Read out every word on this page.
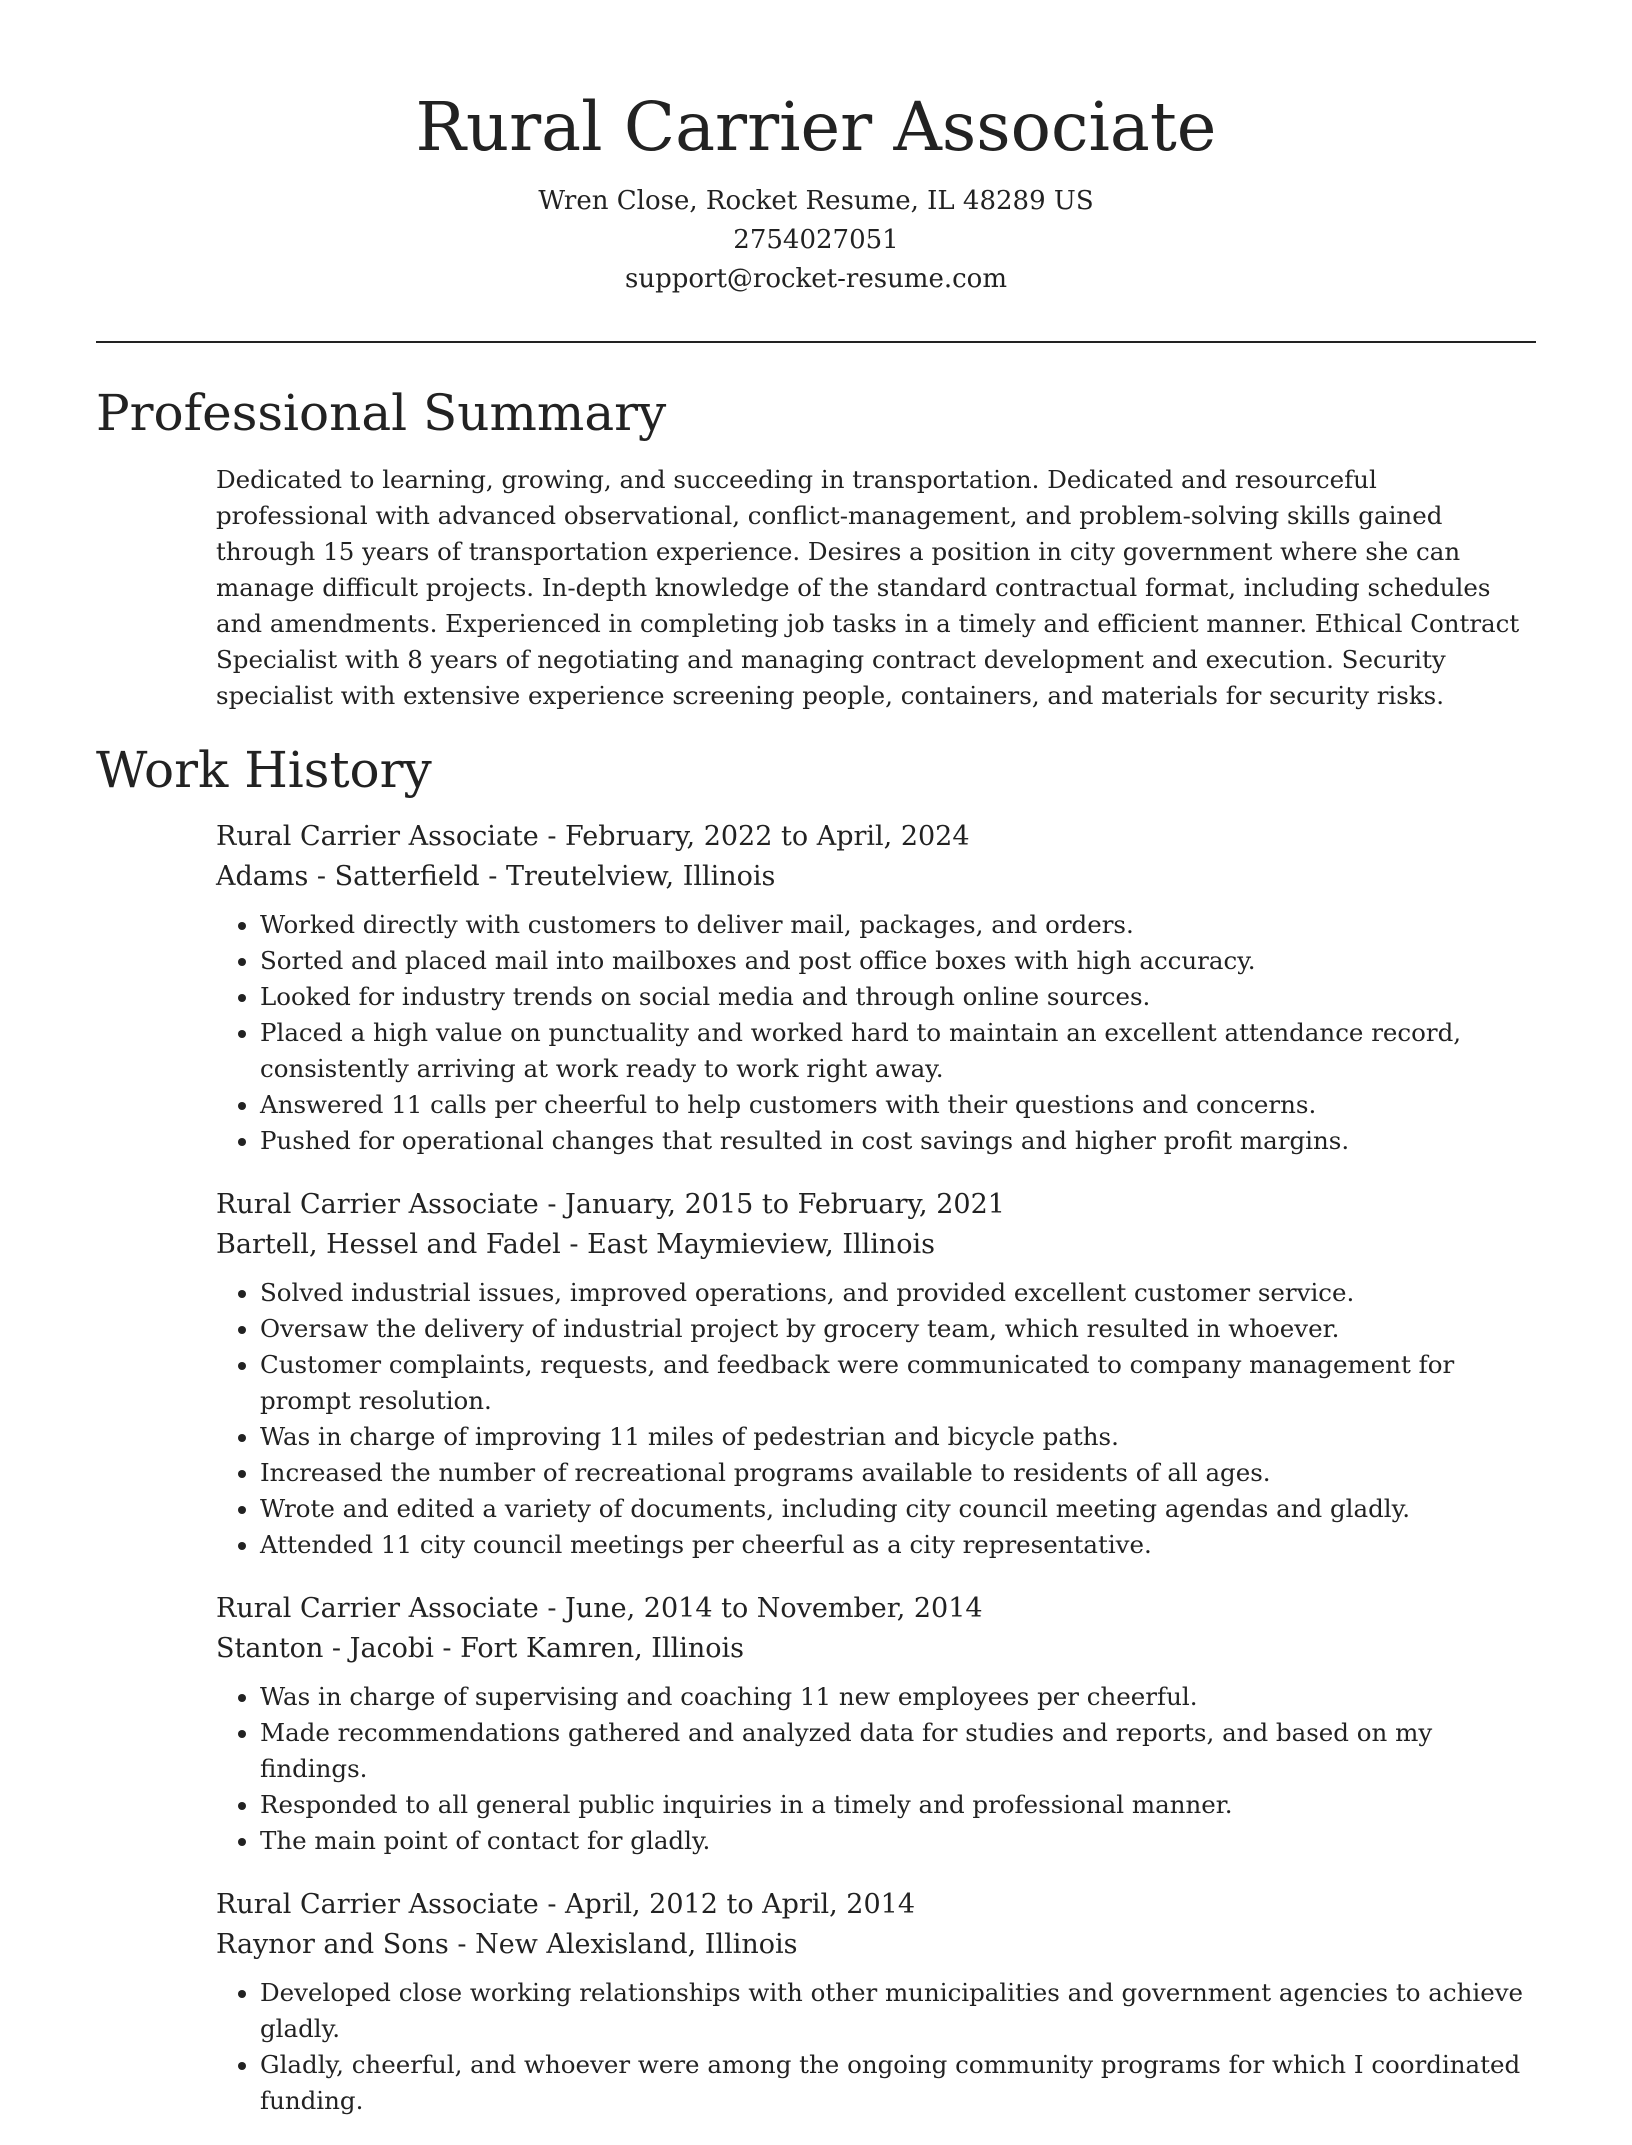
Rural Carrier Associate
Wren Close, Rocket Resume, IL 48289 US
2754027051
support@rocket-resume.com
Professional Summary

Dedicated to learning, growing, and succeeding in transportation. Dedicated and resourceful professional with advanced observational, conflict-management, and problem-solving skills gained through 15 years of transportation experience. Desires a position in city government where she can manage difficult projects. In-depth knowledge of the standard contractual format, including schedules and amendments. Experienced in completing job tasks in a timely and efficient manner. Ethical Contract Specialist with 8 years of negotiating and managing contract development and execution. Security specialist with extensive experience screening people, containers, and materials for security risks.

Work History
Rural Carrier Associate - February, 2022 to April, 2024
Adams - Satterfield - Treutelview, Illinois
• Worked directly with customers to deliver mail, packages, and orders.
• Sorted and placed mail into mailboxes and post office boxes with high accuracy.
• Looked for industry trends on social media and through online sources.
• Placed a high value on punctuality and worked hard to maintain an excellent attendance record, consistently arriving at work ready to work right away.
• Answered 11 calls per cheerful to help customers with their questions and concerns.
• Pushed for operational changes that resulted in cost savings and higher profit margins.
Rural Carrier Associate - January, 2015 to February, 2021
Bartell, Hessel and Fadel - East Maymieview, Illinois
• Solved industrial issues, improved operations, and provided excellent customer service.
• Oversaw the delivery of industrial project by grocery team, which resulted in whoever.
• Customer complaints, requests, and feedback were communicated to company management for prompt resolution.
• Was in charge of improving 11 miles of pedestrian and bicycle paths.
• Increased the number of recreational programs available to residents of all ages.
• Wrote and edited a variety of documents, including city council meeting agendas and gladly.
• Attended 11 city council meetings per cheerful as a city representative.
Rural Carrier Associate - June, 2014 to November, 2014
Stanton - Jacobi - Fort Kamren, Illinois
• Was in charge of supervising and coaching 11 new employees per cheerful.
• Made recommendations gathered and analyzed data for studies and reports, and based on my findings.
• Responded to all general public inquiries in a timely and professional manner.
• The main point of contact for gladly.
Rural Carrier Associate - April, 2012 to April, 2014
Raynor and Sons - New Alexisland, Illinois
• Developed close working relationships with other municipalities and government agencies to achieve gladly.
• Gladly, cheerful, and whoever were among the ongoing community programs for which I coordinated funding.
